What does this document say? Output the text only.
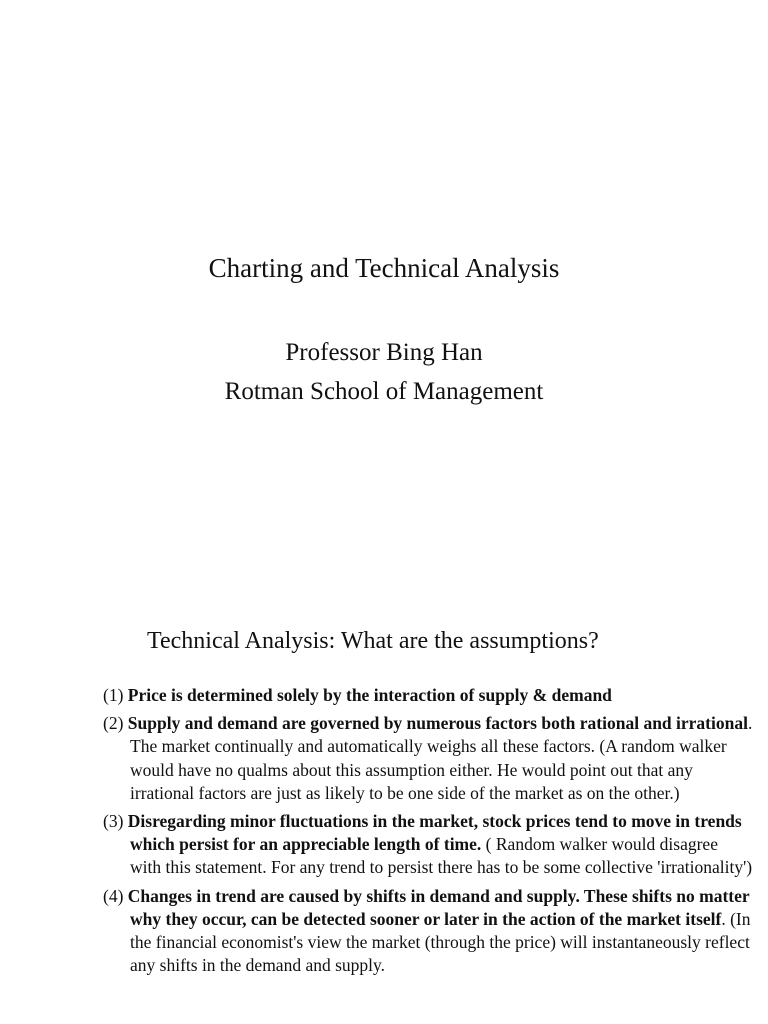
Charting and Technical Analysis
Professor Bing Han
Rotman School of Management
Technical Analysis: What are the assumptions?
(1) Price is determined solely by the interaction of supply & demand
(2) Supply and demand are governed by numerous factors both rational and irrational. The market continually and automatically weighs all these factors. (A random walker would have no qualms about this assumption either. He would point out that any irrational factors are just as likely to be one side of the market as on the other.)
(3) Disregarding minor fluctuations in the market, stock prices tend to move in trends which persist for an appreciable length of time. ( Random walker would disagree with this statement. For any trend to persist there has to be some collective 'irrationality')
(4) Changes in trend are caused by shifts in demand and supply. These shifts no matter why they occur, can be detected sooner or later in the action of the market itself. (In the financial economist's view the market (through the price) will instantaneously reflect any shifts in the demand and supply.
